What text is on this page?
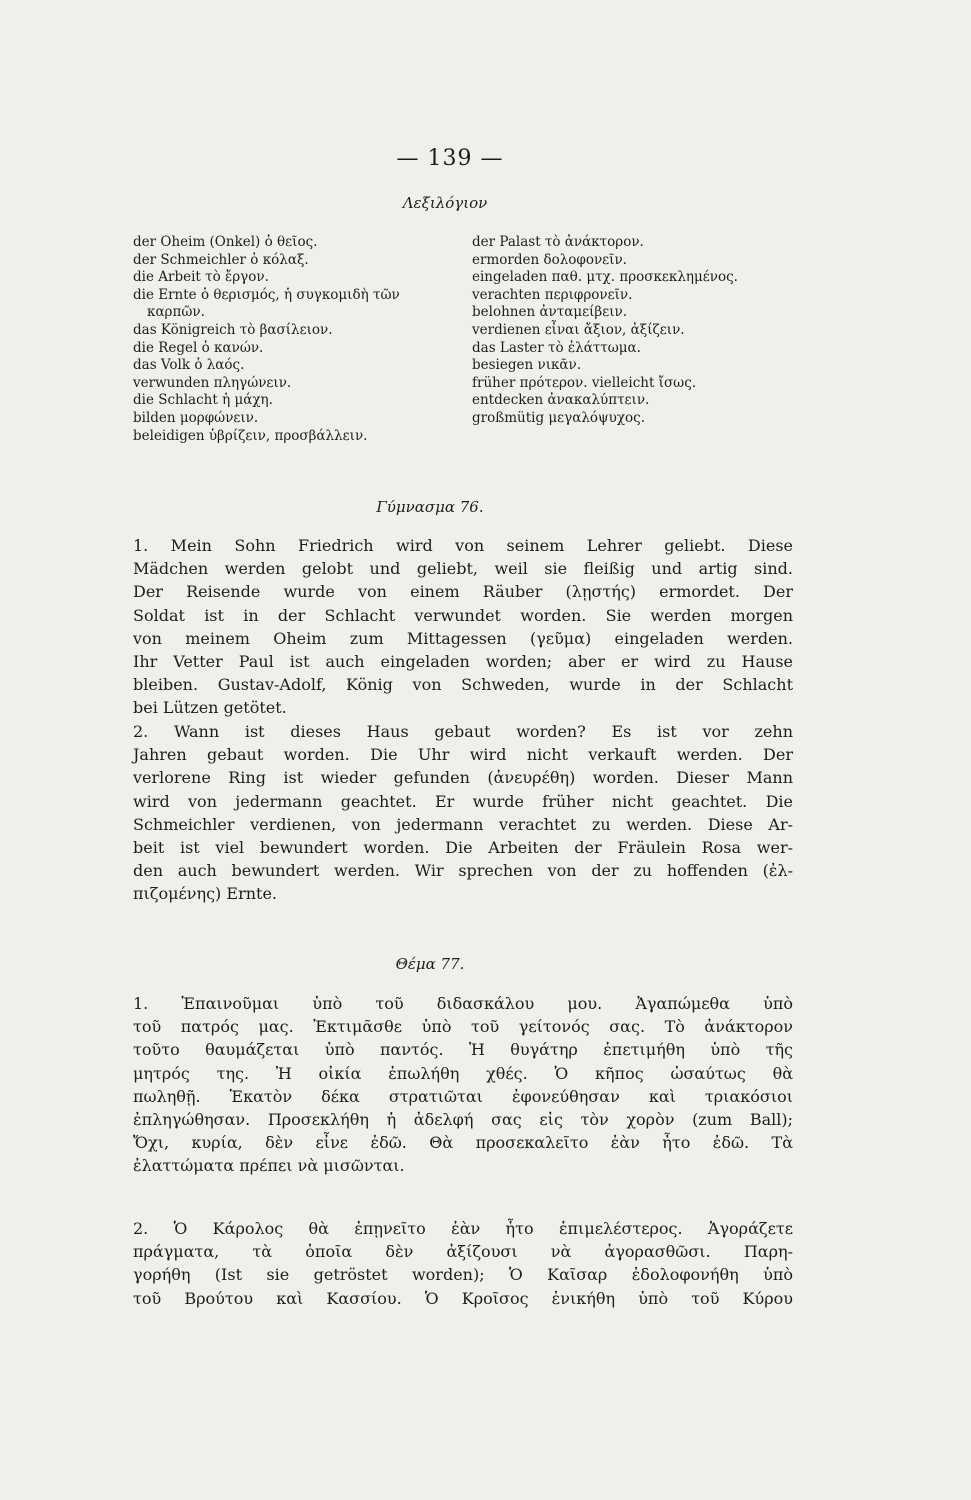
— 139 —
Λεξιλόγιον
der Oheim (Onkel) ὁ θεῖος.
der Schmeichler ὁ κόλαξ.
die Arbeit τὸ ἔργον.
die Ernte ὁ θερισμός, ἡ συγκομιδὴ τῶν
καρπῶν.
das Königreich τὸ βασίλειον.
die Regel ὁ κανών.
das Volk ὁ λαός.
verwunden πληγώνειν.
die Schlacht ἡ μάχη.
bilden μορφώνειν.
beleidigen ὑβρίζειν, προσβάλλειν.
der Palast τὸ ἀνάκτορον.
ermorden δολοφονεῖν.
eingeladen παθ. μτχ. προσκεκλημένος.
verachten περιφρονεῖν.
belohnen ἀνταμείβειν.
verdienen εἶναι ἄξιον, ἀξίζειν.
das Laster τὸ ἐλάττωμα.
besiegen νικᾶν.
früher πρότερον. vielleicht ἴσως.
entdecken ἀνακαλύπτειν.
großmütig μεγαλόψυχος.
Γύμνασμα 76.
1. Mein Sohn Friedrich wird von seinem Lehrer geliebt. Diese
Mädchen werden gelobt und geliebt, weil sie fleißig und artig sind.
Der Reisende wurde von einem Räuber (λῃστής) ermordet. Der
Soldat ist in der Schlacht verwundet worden. Sie werden morgen
von meinem Oheim zum Mittagessen (γεῦμα) eingeladen werden.
Ihr Vetter Paul ist auch eingeladen worden; aber er wird zu Hause
bleiben. Gustav-Adolf, König von Schweden, wurde in der Schlacht
bei Lützen getötet.
2. Wann ist dieses Haus gebaut worden? Es ist vor zehn
Jahren gebaut worden. Die Uhr wird nicht verkauft werden. Der
verlorene Ring ist wieder gefunden (ἀνευρέθη) worden. Dieser Mann
wird von jedermann geachtet. Er wurde früher nicht geachtet. Die
Schmeichler verdienen, von jedermann verachtet zu werden. Diese Ar-
beit ist viel bewundert worden. Die Arbeiten der Fräulein Rosa wer-
den auch bewundert werden. Wir sprechen von der zu hoffenden (ἐλ-
πιζομένης) Ernte.
Θέμα 77.
1. Ἐπαινοῦμαι ὑπὸ τοῦ διδασκάλου μου. Ἀγαπώμεθα ὑπὸ
τοῦ πατρός μας. Ἐκτιμᾶσθε ὑπὸ τοῦ γείτονός σας. Τὸ ἀνάκτορον
τοῦτο θαυμάζεται ὑπὸ παντός. Ἡ θυγάτηρ ἐπετιμήθη ὑπὸ τῆς
μητρός της. Ἡ οἰκία ἐπωλήθη χθές. Ὁ κῆπος ὡσαύτως θὰ
πωληθῇ. Ἑκατὸν δέκα στρατιῶται ἐφονεύθησαν καὶ τριακόσιοι
ἐπληγώθησαν. Προσεκλήθη ἡ ἀδελφή σας εἰς τὸν χορὸν (zum Ball);
Ὄχι, κυρία, δὲν εἶνε ἐδῶ. Θὰ προσεκαλεῖτο ἐὰν ἦτο ἐδῶ. Τὰ
ἐλαττώματα πρέπει νὰ μισῶνται.
2. Ὁ Κάρολος θὰ ἐπῃνεῖτο ἐὰν ἦτο ἐπιμελέστερος. Ἀγοράζετε
πράγματα, τὰ ὁποῖα δὲν ἀξίζουσι νὰ ἀγορασθῶσι. Παρη-
γορήθη (Ist sie getröstet worden); Ὁ Καῖσαρ ἐδολοφονήθη ὑπὸ
τοῦ Βρούτου καὶ Κασσίου. Ὁ Κροῖσος ἐνικήθη ὑπὸ τοῦ Κύρου
